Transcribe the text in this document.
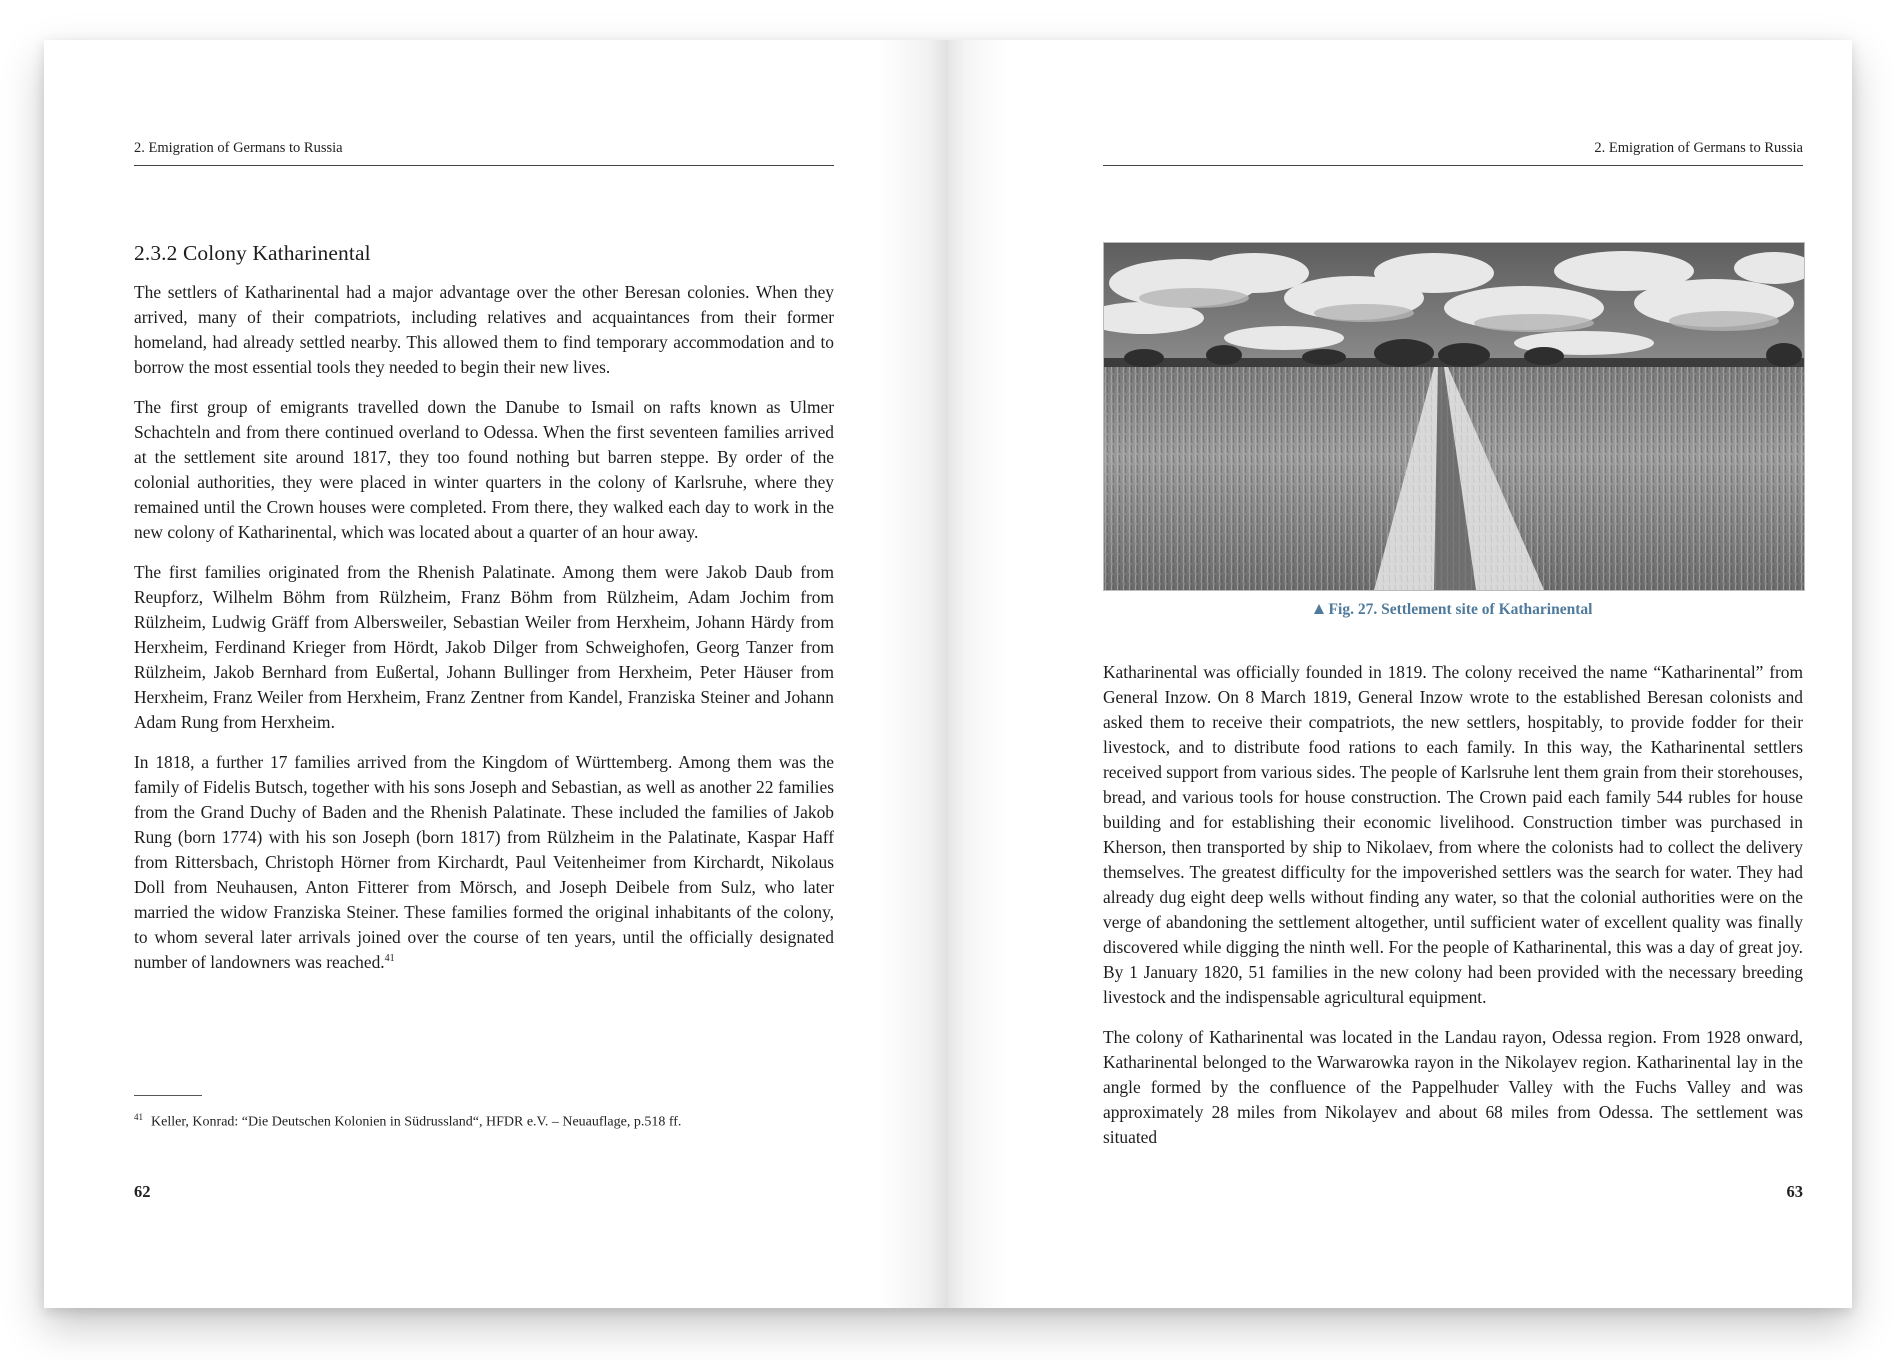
2. Emigration of Germans to Russia
2.3.2 Colony Katharinental

The settlers of Katharinental had a major advantage over the other Beresan colonies. When they arrived, many of their compatriots, including relatives and acquaintances from their former homeland, had already settled nearby. This allowed them to find temporary accommodation and to borrow the most essential tools they needed to begin their new lives.

The first group of emigrants travelled down the Danube to Ismail on rafts known as Ulmer Schachteln and from there continued overland to Odessa. When the first seventeen families arrived at the settlement site around 1817, they too found nothing but barren steppe. By order of the colonial authorities, they were placed in winter quarters in the colony of Karlsruhe, where they remained until the Crown houses were completed. From there, they walked each day to work in the new colony of Katharinental, which was located about a quarter of an hour away.

The first families originated from the Rhenish Palatinate. Among them were Jakob Daub from Reupforz, Wilhelm Böhm from Rülzheim, Franz Böhm from Rülzheim, Adam Jochim from Rülzheim, Ludwig Gräff from Albersweiler, Sebastian Weiler from Herxheim, Johann Härdy from Herxheim, Ferdinand Krieger from Hördt, Jakob Dilger from Schweighofen, Georg Tanzer from Rülzheim, Jakob Bernhard from Eußertal, Johann Bullinger from Herxheim, Peter Häuser from Herxheim, Franz Weiler from Herxheim, Franz Zentner from Kandel, Franziska Steiner and Johann Adam Rung from Herxheim.

In 1818, a further 17 families arrived from the Kingdom of Württemberg. Among them was the family of Fidelis Butsch, together with his sons Joseph and Sebastian, as well as another 22 families from the Grand Duchy of Baden and the Rhenish Palatinate. These included the families of Jakob Rung (born 1774) with his son Joseph (born 1817) from Rülzheim in the Palatinate, Kaspar Haff from Rittersbach, Christoph Hörner from Kirchardt, Paul Veitenheimer from Kirchardt, Nikolaus Doll from Neuhausen, Anton Fitterer from Mörsch, and Joseph Deibele from Sulz, who later married the widow Franziska Steiner. These families formed the original inhabitants of the colony, to whom several later arrivals joined over the course of ten years, until the officially designated number of landowners was reached.$^{41}$

$^{41}$ Keller, Konrad: “Die Deutschen Kolonien in Südrussland“, HFDR e.V. – Neuauflage, p.518 ff.
62
2. Emigration of Germans to Russia
Fig. 27. Settlement site of Katharinental

Katharinental was officially founded in 1819. The colony received the name “Katharinental” from General Inzow. On 8 March 1819, General Inzow wrote to the established Beresan colonists and asked them to receive their compatriots, the new settlers, hospitably, to provide fodder for their livestock, and to distribute food rations to each family. In this way, the Katharinental settlers received support from various sides. The people of Karlsruhe lent them grain from their storehouses, bread, and various tools for house construction. The Crown paid each family 544 rubles for house building and for establishing their economic livelihood. Construction timber was purchased in Kherson, then transported by ship to Nikolaev, from where the colonists had to collect the delivery themselves. The greatest difficulty for the impoverished settlers was the search for water. They had already dug eight deep wells without finding any water, so that the colonial authorities were on the verge of abandoning the settlement altogether, until sufficient water of excellent quality was finally discovered while digging the ninth well. For the people of Katharinental, this was a day of great joy. By 1 January 1820, 51 families in the new colony had been provided with the necessary breeding livestock and the indispensable agricultural equipment.

The colony of Katharinental was located in the Landau rayon, Odessa region. From 1928 onward, Katharinental belonged to the Warwarowka rayon in the Nikolayev region. Katharinental lay in the angle formed by the confluence of the Pappelhuder Valley with the Fuchs Valley and was approximately 28 miles from Nikolayev and about 68 miles from Odessa. The settlement was situated

63
